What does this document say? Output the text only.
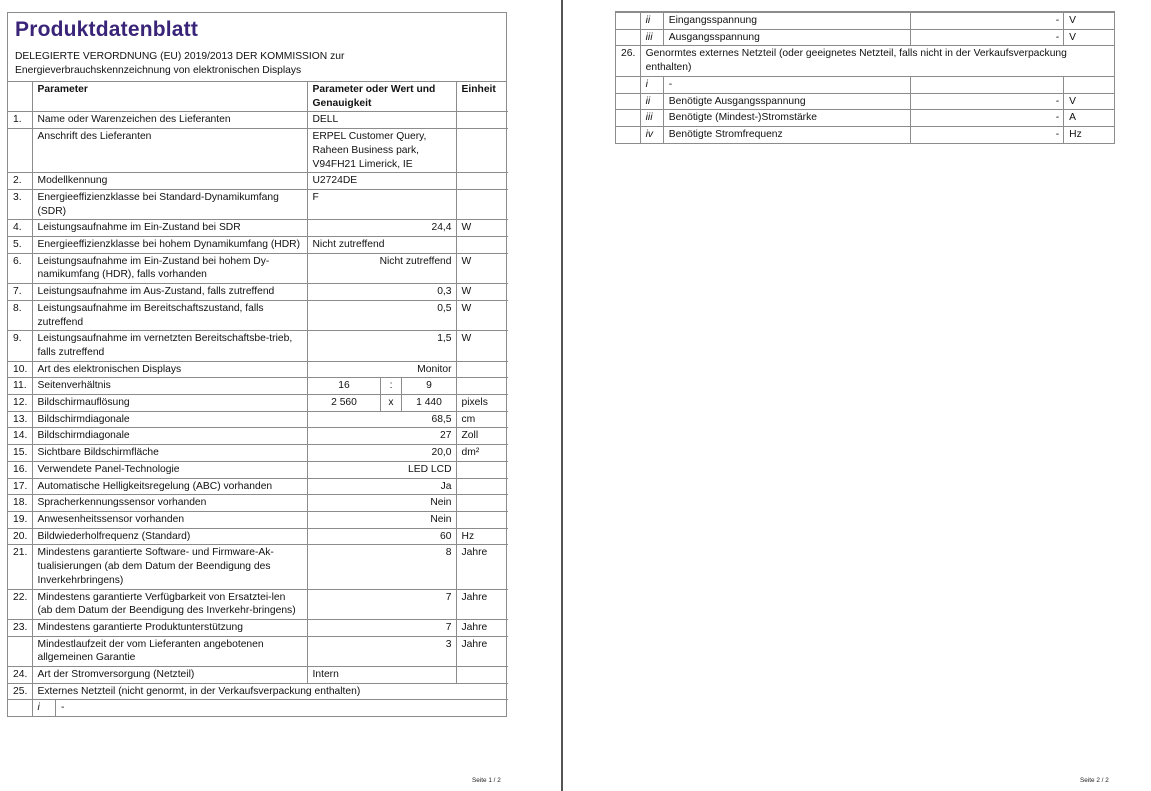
Produktdatenblatt
DELEGIERTE VERORDNUNG (EU) 2019/2013 DER KOMMISSION zur
Energieverbrauchskennzeichnung von elektronischen Displays
	Parameter	Parameter oder Wert und Genauigkeit	Einheit
1.	Name oder Warenzeichen des Lieferanten	DELL	
	Anschrift des Lieferanten	ERPEL Customer Query, Raheen Business park, V94FH21 Limerick, IE	
2.	Modellkennung	U2724DE	
3.	Energieeffizienzklasse bei Standard-Dynamikumfang (SDR)	F	
4.	Leistungsaufnahme im Ein-Zustand bei SDR	24,4	W
5.	Energieeffizienzklasse bei hohem Dynamikumfang (HDR)	Nicht zutreffend	
6.	Leistungsaufnahme im Ein-Zustand bei hohem Dy-namikumfang (HDR), falls vorhanden	Nicht zutreffend	W
7.	Leistungsaufnahme im Aus-Zustand, falls zutreffend	0,3	W
8.	Leistungsaufnahme im Bereitschaftszustand, falls zutreffend	0,5	W
9.	Leistungsaufnahme im vernetzten Bereitschaftsbe-trieb, falls zutreffend	1,5	W
10.	Art des elektronischen Displays	Monitor	
11.	Seitenverhältnis	16	:	9	
12.	Bildschirmauflösung	2 560	x	1 440	pixels
13.	Bildschirmdiagonale	68,5	cm
14.	Bildschirmdiagonale	27	Zoll
15.	Sichtbare Bildschirmfläche	20,0	dm²
16.	Verwendete Panel-Technologie	LED LCD	
17.	Automatische Helligkeitsregelung (ABC) vorhanden	Ja	
18.	Spracherkennungssensor vorhanden	Nein	
19.	Anwesenheitssensor vorhanden	Nein	
20.	Bildwiederholfrequenz (Standard)	60	Hz
21.	Mindestens garantierte Software- und Firmware-Ak-tualisierungen (ab dem Datum der Beendigung des Inverkehrbringens)	8	Jahre
22.	Mindestens garantierte Verfügbarkeit von Ersatztei-len (ab dem Datum der Beendigung des Inverkehr-bringens)	7	Jahre
23.	Mindestens garantierte Produktunterstützung	7	Jahre
	Mindestlaufzeit der vom Lieferanten angebotenen allgemeinen Garantie	3	Jahre
24.	Art der Stromversorgung (Netzteil)	Intern	
25.	Externes Netzteil (nicht genormt, in der Verkaufsverpackung enthalten)

i	-
Seite 1 / 2
	ii	Eingangsspannung	-	V
	iii	Ausgangsspannung	-	V
26.	Genormtes externes Netzteil (oder geeignetes Netzteil, falls nicht in der Verkaufsverpackung enthalten)			
	i	-		
	ii	Benötigte Ausgangsspannung	-	V
	iii	Benötigte (Mindest-)Stromstärke	-	A
	iv	Benötigte Stromfrequenz	-	Hz
Seite 2 / 2
